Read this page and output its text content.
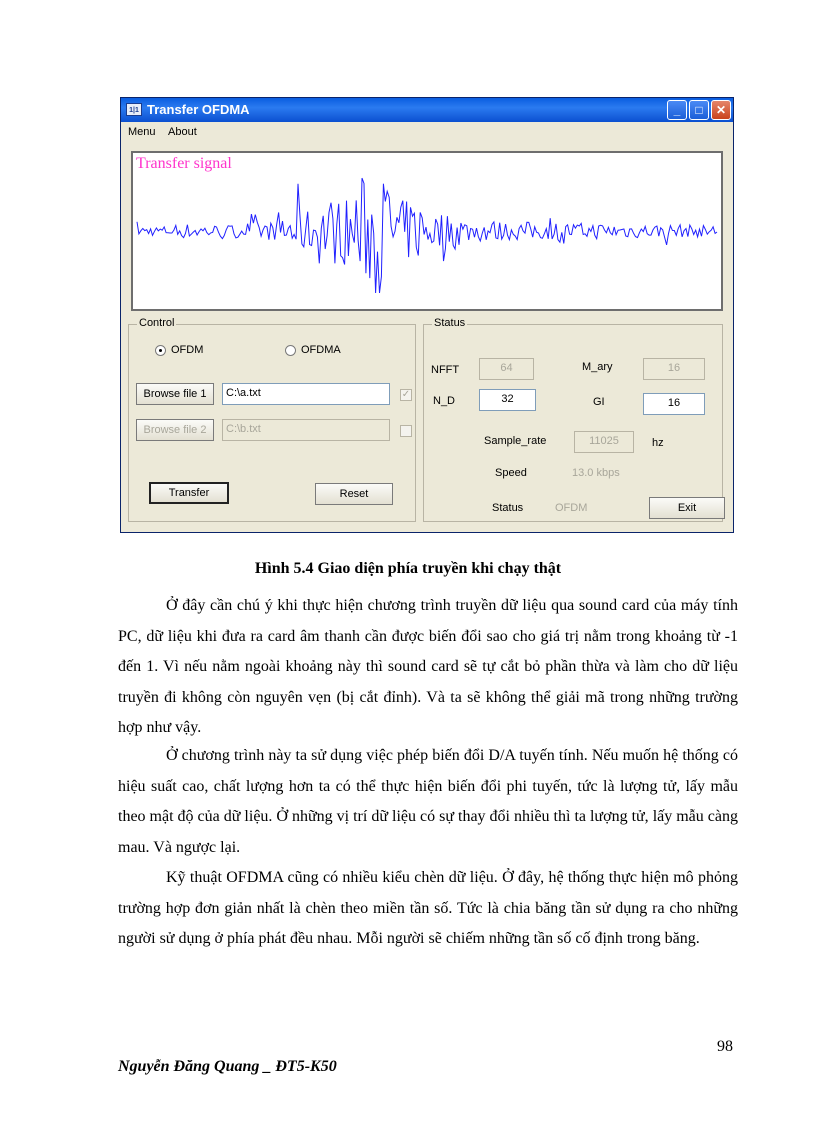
1|1 Transfer OFDMA	_	□	✕
Menu About
Transfer signal
Control
OFDM	OFDMA
Browse file 1	C:\a.txt	✓
Browse file 2	C:\b.txt
Transfer	Reset
Status
NFFT	64	M_ary	16
N_D	32	GI	16
Sample_rate	11025	hz
Speed	13.0 kbps
Status	OFDM	Exit
Hình 5.4 Giao diện phía truyền khi chạy thật

Ở đây cần chú ý khi thực hiện chương trình truyền dữ liệu qua sound card của máy tính PC, dữ liệu khi đưa ra card âm thanh cần được biến đổi sao cho giá trị nằm trong khoảng từ -1 đến 1. Vì nếu nằm ngoài khoảng này thì sound card sẽ tự cắt bỏ phần thừa và làm cho dữ liệu truyền đi không còn nguyên vẹn (bị cắt đỉnh). Và ta sẽ không thể giải mã trong những trường hợp như vậy.

Ở chương trình này ta sử dụng việc phép biến đổi D/A tuyến tính. Nếu muốn hệ thống có hiệu suất cao, chất lượng hơn ta có thể thực hiện biến đổi phi tuyến, tức là lượng tử, lấy mẫu theo mật độ của dữ liệu. Ở những vị trí dữ liệu có sự thay đổi nhiều thì ta lượng tử, lấy mẫu càng mau. Và ngược lại.

Kỹ thuật OFDMA cũng có nhiều kiểu chèn dữ liệu. Ở đây, hệ thống thực hiện mô phỏng trường hợp đơn giản nhất là chèn theo miền tần số. Tức là chia băng tần sử dụng ra cho những người sử dụng ở phía phát đều nhau. Mỗi người sẽ chiếm những tần số cố định trong băng.

98
Nguyễn Đăng Quang _ ĐT5-K50
